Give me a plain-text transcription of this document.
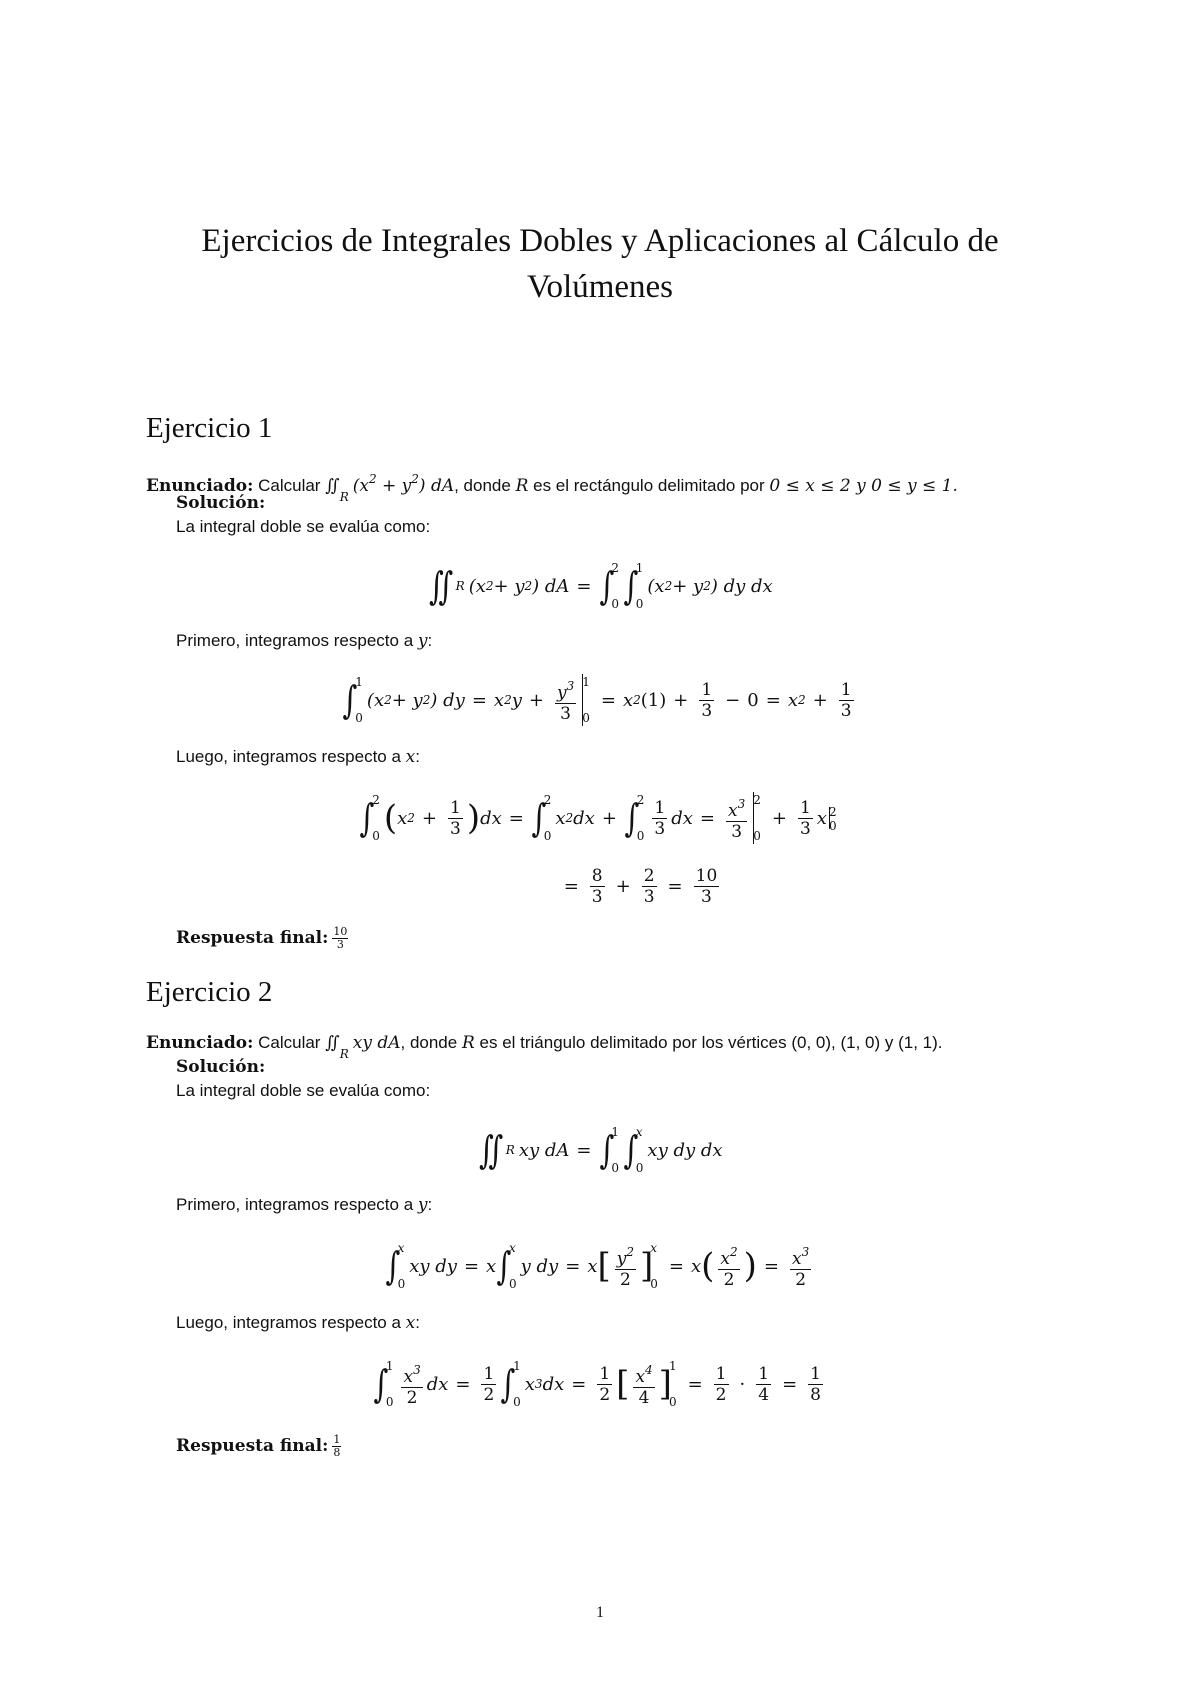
Ejercicios de Integrales Dobles y Aplicaciones al Cálculo de Volúmenes
Ejercicio 1
Enunciado: Calcular $∬_R(x^2 + y^2)$ dA, donde R es el rectángulo delimitado por 0 ≤ x ≤ 2 y 0 ≤ y ≤ 1.
Solución:
La integral doble se evalúa como:
∬ R (x 2 + y 2 ) dA = ∫
2
0 ∫
1
0
(x 2 + y 2 ) dy dx
Primero, integramos respecto a y:
∫
1
0
(x 2 + y 2 ) dy = x 2 $y + \frac{y^3}{3} 1$
0
= x 2 $(1) + \frac{1}{3} - 0 = x$ $2 + \frac{1}{3}$
Luego, integramos respecto a x:
∫
2
0 ( x $2 + \frac{1}{3}$ ) dx = ∫
2
0
x 2 dx + ∫
2
$0 \frac{1}{3}$ dx = $\frac{x^3}{3} 2$
0
+ $\frac{1}{3}$ x 2
0
= $\frac{8}{3} + \frac{2}{3} = \frac{10}{3}$
Respuesta final: $\frac{10}{3}$
Ejercicio 2
Enunciado: Calcular $∬_Rxy$ dA, donde R es el triángulo delimitado por los vértices (0, 0), (1, 0) y (1, 1).
Solución:
La integral doble se evalúa como:
∬ R xy dA = ∫
1
0 ∫
x
0
xy dy dx
Primero, integramos respecto a y:
∫
x
0
xy dy = x ∫
x
0
y dy = x [ $\frac{y^2}{2}$ ]
x
0
= x ( $\frac{x^2}{2}$ ) = $\frac{x^3}{2}$
Luego, integramos respecto a x:
∫
1
$0 \frac{x^3}{2}$ dx = $\frac{1}{2}$ ∫
1
0
x 3 dx = $\frac{1}{2}$ [ $\frac{x^4}{4}$ ]
1
0
= $\frac{1}{2} \cdot \frac{1}{4} = \frac{1}{8}$
Respuesta final: $\frac{1}{8}$
1
